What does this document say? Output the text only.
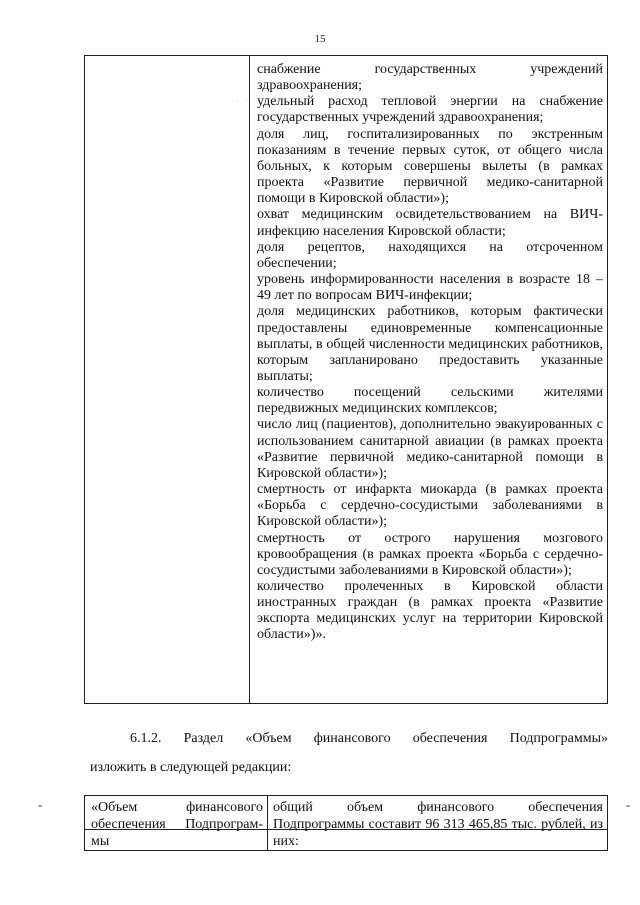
15

снабжение государственных учреждений здравоохранения;

удельный расход тепловой энергии на снабжение государственных учреждений здравоохранения;

доля лиц, госпитализированных по экстренным показаниям в течение первых суток, от общего числа больных, к которым совершены вылеты (в рамках проекта «Развитие первичной медико-санитарной помощи в Кировской области»);

охват медицинским освидетельствованием на ВИЧ-инфекцию населения Кировской области;

доля рецептов, находящихся на отсроченном обеспечении;

уровень информированности населения в возрасте 18 – 49 лет по вопросам ВИЧ-инфекции;

доля медицинских работников, которым фактически предоставлены единовременные компенсационные выплаты, в общей численности медицинских работников, которым запланировано предоставить указанные выплаты;

количество посещений сельскими жителями передвижных медицинских комплексов;

число лиц (пациентов), дополнительно эвакуированных с использованием санитарной авиации (в рамках проекта «Развитие первичной медико-санитарной помощи в Кировской области»);

смертность от инфаркта миокарда (в рамках проекта «Борьба с сердечно-сосудистыми заболеваниями в Кировской области»);

смертность от острого нарушения мозгового кровообращения (в рамках проекта «Борьба с сердечно-сосудистыми заболеваниями в Кировской области»);

количество пролеченных в Кировской области иностранных граждан (в рамках проекта «Развитие экспорта медицинских услуг на территории Кировской области»)».

6.1.2. Раздел «Объем финансового обеспечения Подпрограммы»
изложить в следующей редакции:
-	-
«Объем финансового обеспечения Подпрограм-мы
общий объем финансового обеспечения Подпрограммы составит 96 313 465,85 тыс. рублей, из них:
